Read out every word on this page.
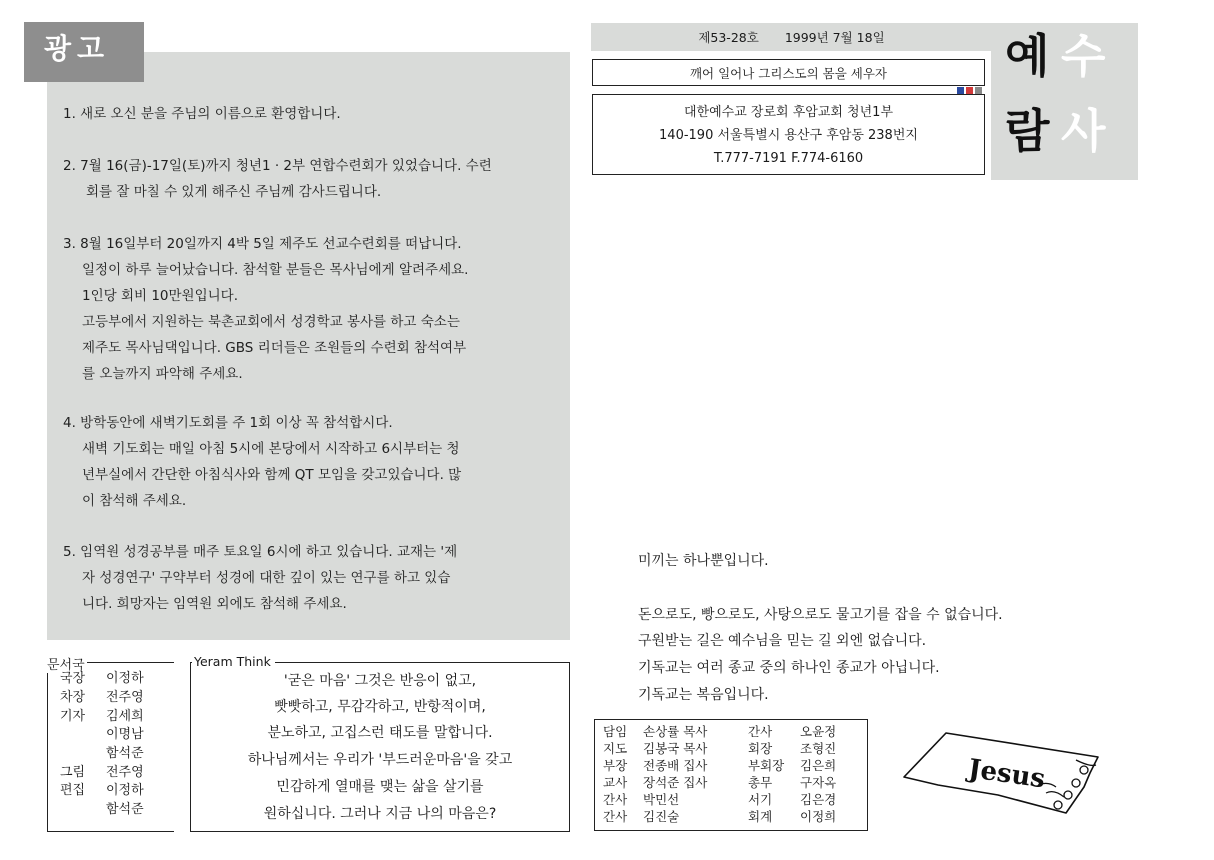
광고
1. 새로 오신 분을 주님의 이름으로 환영합니다.
2. 7월 16(금)-17일(토)까지 청년1 · 2부 연합수련회가 있었습니다. 수련
회를 잘 마칠 수 있게 해주신 주님께 감사드립니다.
3. 8월 16일부터 20일까지 4박 5일 제주도 선교수련회를 떠납니다.
일정이 하루 늘어났습니다. 참석할 분들은 목사님에게 알려주세요.
1인당 회비 10만원입니다.
고등부에서 지원하는 북촌교회에서 성경학교 봉사를 하고 숙소는
제주도 목사님댁입니다. GBS 리더들은 조원들의 수련회 참석여부
를 오늘까지 파악해 주세요.
4. 방학동안에 새벽기도회를 주 1회 이상 꼭 참석합시다.
새벽 기도회는 매일 아침 5시에 본당에서 시작하고 6시부터는 청
년부실에서 간단한 아침식사와 함께 QT 모임을 갖고있습니다. 많
이 참석해 주세요.
5. 임역원 성경공부를 매주 토요일 6시에 하고 있습니다. 교재는 '제
자 성경연구' 구약부터 성경에 대한 깊이 있는 연구를 하고 있습
니다. 희망자는 임역원 외에도 참석해 주세요.
문서국
국장 이정하
차장 전주영
기자 김세희
이명남
함석준
그림 전주영
편집 이정하
함석준
Yeram Think
'굳은 마음' 그것은 반응이 없고,
빳빳하고, 무감각하고, 반항적이며,
분노하고, 고집스런 태도를 말합니다.
하나님께서는 우리가 '부드러운마음'을 갖고
민감하게 열매를 맺는 삶을 살기를
원하십니다. 그러나 지금 나의 마음은?
제53-28호 1999년 7월 18일	예 수
람 사
깨어 일어나 그리스도의 몸을 세우자
대한예수교 장로회 후암교회 청년1부
140-190 서울특별시 용산구 후암동 238번지
T.777-7191 F.774-6160
미끼는 하나뿐입니다.
돈으로도, 빵으로도, 사탕으로도 물고기를 잡을 수 없습니다.
구원받는 길은 예수님을 믿는 길 외엔 없습니다.
기독교는 여러 종교 중의 하나인 종교가 아닙니다.
기독교는 복음입니다.
담임 손상률 목사	간사 오윤정
지도 김봉국 목사	회장 조형진
부장 전종배 집사	부회장 김은희
교사 장석준 집사	총무 구자옥
간사 박민선	서기 김은경
간사 김진술	회계 이정희
Jesus
